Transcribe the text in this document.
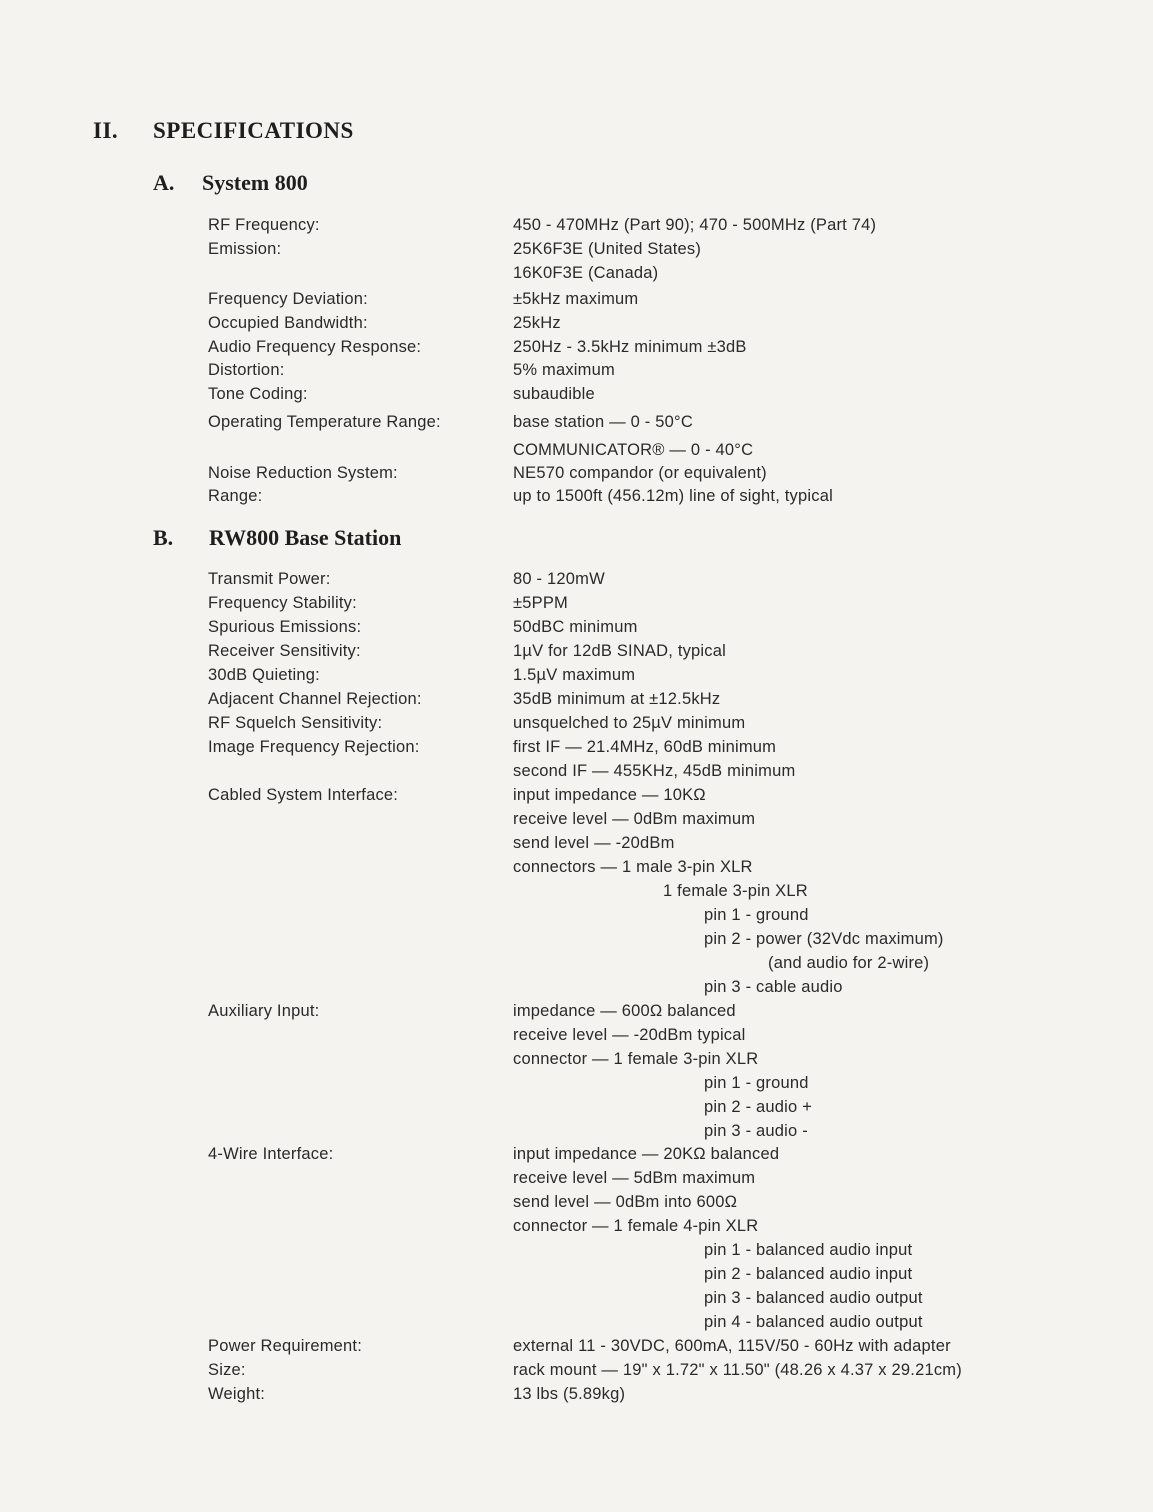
II. SPECIFICATIONS
A. System 800
B. RW800 Base Station
RF Frequency:	450 - 470MHz (Part 90); 470 - 500MHz (Part 74)
Emission:	25K6F3E (United States)
16K0F3E (Canada)
Frequency Deviation:	±5kHz maximum
Occupied Bandwidth:	25kHz
Audio Frequency Response:	250Hz - 3.5kHz minimum ±3dB
Distortion:	5% maximum
Tone Coding:	subaudible
Operating Temperature Range:	base station — 0 - 50°C
COMMUNICATOR® — 0 - 40°C
Noise Reduction System:	NE570 compandor (or equivalent)
Range:	up to 1500ft (456.12m) line of sight, typical
Transmit Power:	80 - 120mW
Frequency Stability:	±5PPM
Spurious Emissions:	50dBC minimum
Receiver Sensitivity:	1µV for 12dB SINAD, typical
30dB Quieting:	1.5µV maximum
Adjacent Channel Rejection:	35dB minimum at ±12.5kHz
RF Squelch Sensitivity:	unsquelched to 25µV minimum
Image Frequency Rejection:	first IF — 21.4MHz, 60dB minimum
second IF — 455KHz, 45dB minimum
Cabled System Interface:	input impedance — 10KΩ
receive level — 0dBm maximum
send level — -20dBm
connectors — 1 male 3-pin XLR
1 female 3-pin XLR
pin 1 - ground
pin 2 - power (32Vdc maximum)
(and audio for 2-wire)
pin 3 - cable audio
Auxiliary Input:	impedance — 600Ω balanced
receive level — -20dBm typical
connector — 1 female 3-pin XLR
pin 1 - ground
pin 2 - audio +
pin 3 - audio -
4-Wire Interface:	input impedance — 20KΩ balanced
receive level — 5dBm maximum
send level — 0dBm into 600Ω
connector — 1 female 4-pin XLR
pin 1 - balanced audio input
pin 2 - balanced audio input
pin 3 - balanced audio output
pin 4 - balanced audio output
Power Requirement:	external 11 - 30VDC, 600mA, 115V/50 - 60Hz with adapter
Size:	rack mount — 19" x 1.72" x 11.50" (48.26 x 4.37 x 29.21cm)
Weight:	13 lbs (5.89kg)
